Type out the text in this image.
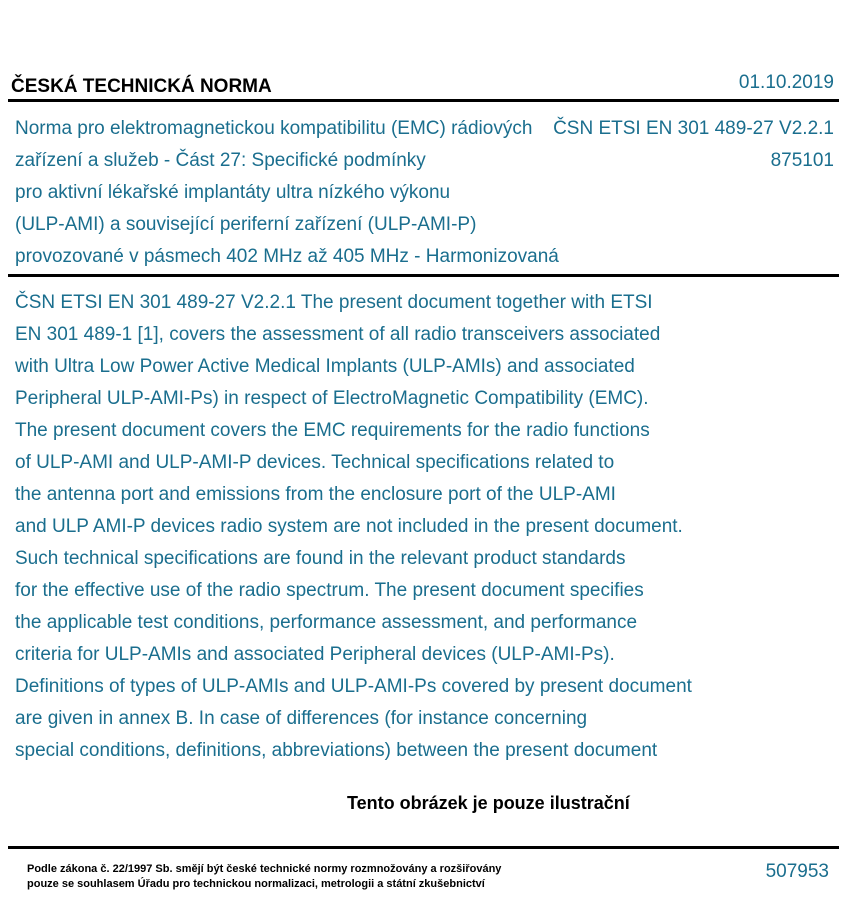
ČESKÁ TECHNICKÁ NORMA	01.10.2019
Norma pro elektromagnetickou kompatibilitu (EMC) rádiových
zařízení a služeb - Část 27: Specifické podmínky
pro aktivní lékařské implantáty ultra nízkého výkonu
(ULP-AMI) a související periferní zařízení (ULP-AMI-P)
provozované v pásmech 402 MHz až 405 MHz - Harmonizovaná
ČSN ETSI EN 301 489-27 V2.2.1
875101
ČSN ETSI EN 301 489-27 V2.2.1 The present document together with ETSI
EN 301 489-1 [1], covers the assessment of all radio transceivers associated
with Ultra Low Power Active Medical Implants (ULP-AMIs) and associated
Peripheral ULP-AMI-Ps) in respect of ElectroMagnetic Compatibility (EMC).
The present document covers the EMC requirements for the radio functions
of ULP-AMI and ULP-AMI-P devices. Technical specifications related to
the antenna port and emissions from the enclosure port of the ULP-AMI
and ULP AMI-P devices radio system are not included in the present document.
Such technical specifications are found in the relevant product standards
for the effective use of the radio spectrum. The present document specifies
the applicable test conditions, performance assessment, and performance
criteria for ULP-AMIs and associated Peripheral devices (ULP-AMI-Ps).
Definitions of types of ULP-AMIs and ULP-AMI-Ps covered by present document
are given in annex B. In case of differences (for instance concerning
special conditions, definitions, abbreviations) between the present document
Tento obrázek je pouze ilustrační
Podle zákona č. 22/1997 Sb. smějí být české technické normy rozmnožovány a rozšiřovány
pouze se souhlasem Úřadu pro technickou normalizaci, metrologii a státní zkušebnictví
507953
